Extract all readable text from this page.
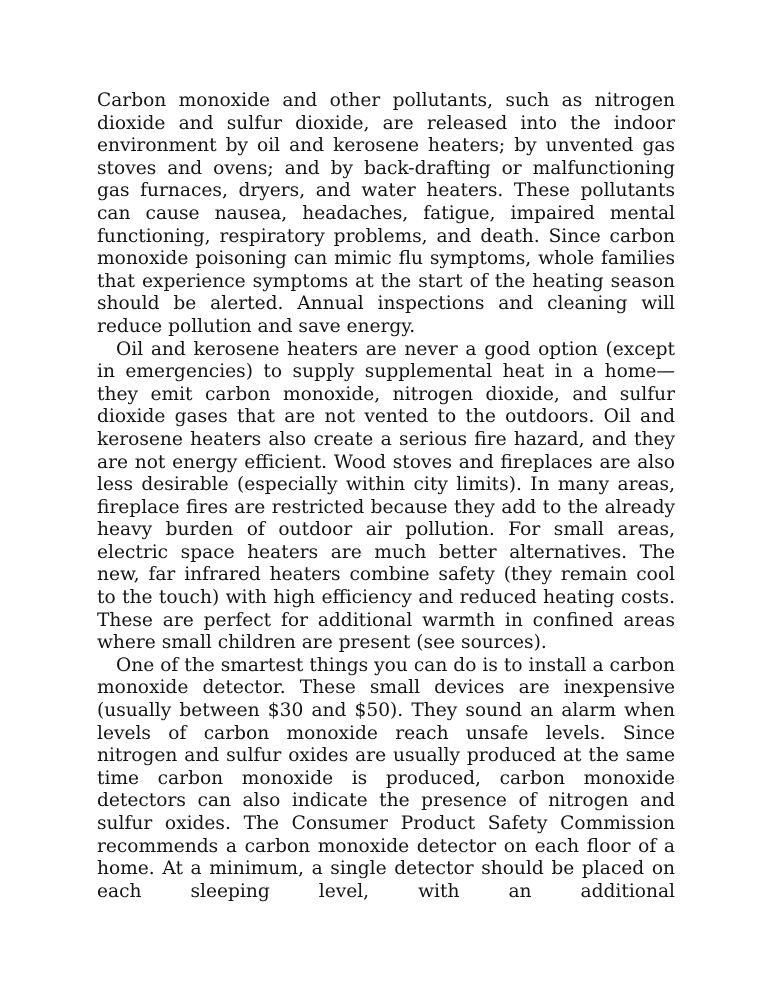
Carbon monoxide and other pollutants, such as nitrogen dioxide and sulfur dioxide, are released into the indoor environment by oil and kerosene heaters; by unvented gas stoves and ovens; and by back-drafting or malfunctioning gas furnaces, dryers, and water heaters. These pollutants can cause nausea, headaches, fatigue, impaired mental functioning, respiratory problems, and death. Since carbon monoxide poisoning can mimic flu symptoms, whole families that experience symptoms at the start of the heating season should be alerted. Annual inspections and cleaning will reduce pollution and save energy.

Oil and kerosene heaters are never a good option (except in emergencies) to supply supplemental heat in a home—they emit carbon monoxide, nitrogen dioxide, and sulfur dioxide gases that are not vented to the outdoors. Oil and kerosene heaters also create a serious fire hazard, and they are not energy efficient. Wood stoves and fireplaces are also less desirable (especially within city limits). In many areas, fireplace fires are restricted because they add to the already heavy burden of outdoor air pollution. For small areas, electric space heaters are much better alternatives. The new, far infrared heaters combine safety (they remain cool to the touch) with high efficiency and reduced heating costs. These are perfect for additional warmth in confined areas where small children are present (see sources).

One of the smartest things you can do is to install a carbon monoxide detector. These small devices are inexpensive (usually between $30 and $50). They sound an alarm when levels of carbon monoxide reach unsafe levels. Since nitrogen and sulfur oxides are usually produced at the same time carbon monoxide is produced, carbon monoxide detectors can also indicate the presence of nitrogen and sulfur oxides. The Consumer Product Safety Commission recommends a carbon monoxide detector on each floor of a home. At a minimum, a single detector should be placed on each sleeping level, with an additional
